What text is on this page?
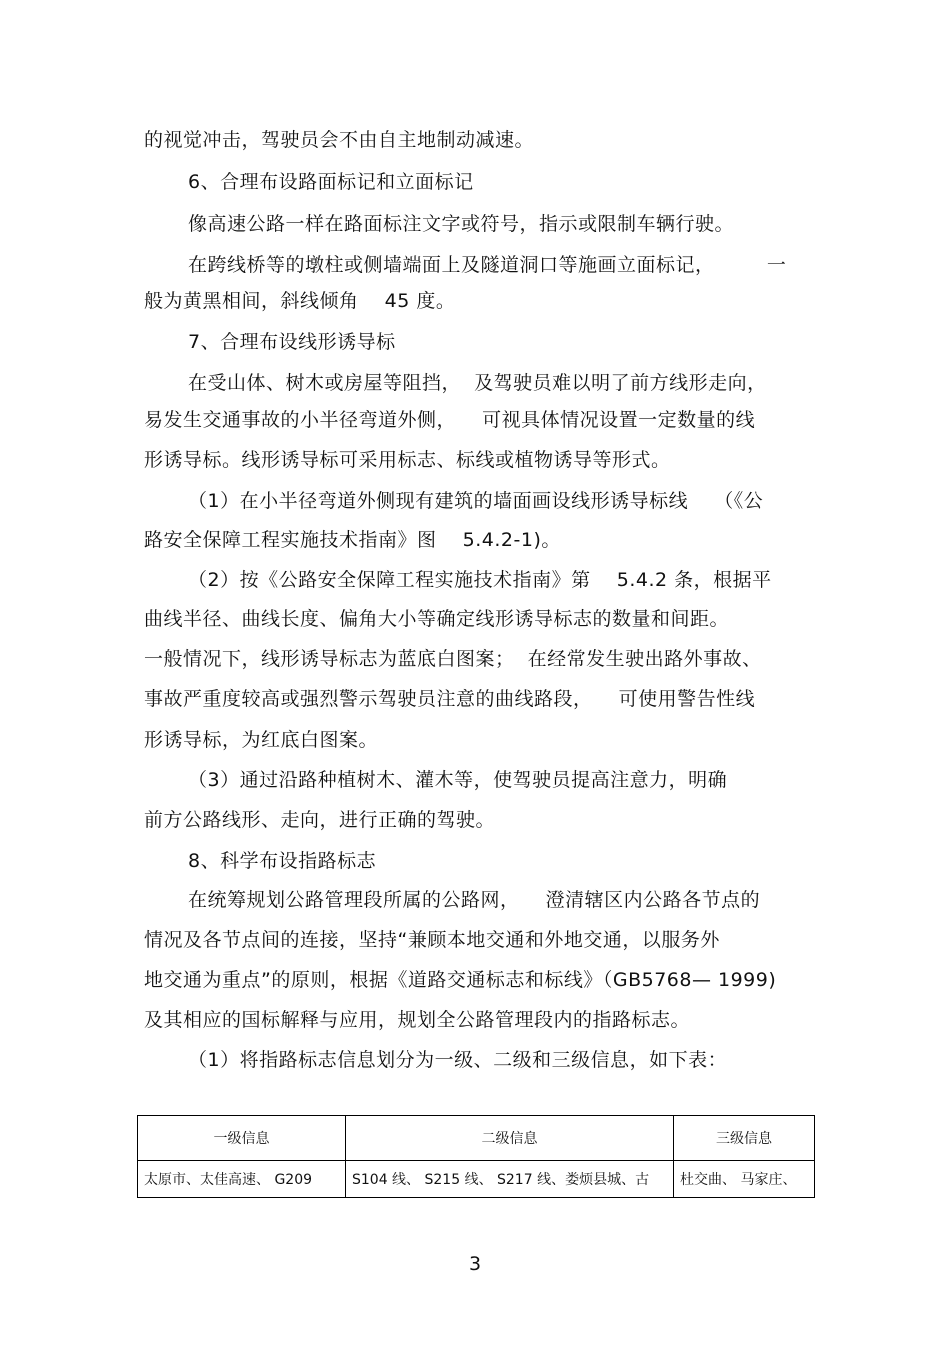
的视觉冲击，驾驶员会不由自主地制动减速。
6、合理布设路面标记和立面标记
像高速公路一样在路面标注文字或符号，指示或限制车辆行驶。
在跨线桥等的墩柱或侧墙端面上及隧道洞口等施画立面标记，        一
般为黄黑相间，斜线倾角    45 度。
7、合理布设线形诱导标
在受山体、树木或房屋等阻挡，  及驾驶员难以明了前方线形走向，
易发生交通事故的小半径弯道外侧，    可视具体情况设置一定数量的线
形诱导标。线形诱导标可采用标志、标线或植物诱导等形式。
（1）在小半径弯道外侧现有建筑的墙面画设线形诱导标线    （《公
路安全保障工程实施技术指南》图    5.4.2-1)。
（2）按《公路安全保障工程实施技术指南》第    5.4.2 条，根据平
曲线半径、曲线长度、偏角大小等确定线形诱导标志的数量和间距。
一般情况下，线形诱导标志为蓝底白图案；  在经常发生驶出路外事故、
事故严重度较高或强烈警示驾驶员注意的曲线路段，    可使用警告性线
形诱导标，为红底白图案。
（3）通过沿路种植树木、灌木等，使驾驶员提高注意力，明确
前方公路线形、走向，进行正确的驾驶。
8、科学布设指路标志
在统筹规划公路管理段所属的公路网，    澄清辖区内公路各节点的
情况及各节点间的连接，坚持“兼顾本地交通和外地交通，以服务外
地交通为重点”的原则，根据《道路交通标志和标线》（GB5768— 1999)
及其相应的国标解释与应用，规划全公路管理段内的指路标志。
（1）将指路标志信息划分为一级、二级和三级信息，如下表：
一级信息	二级信息	三级信息
太原市、太佳高速、 G209	S104 线、 S215 线、 S217 线、娄烦县城、古	杜交曲、 马家庄、
3
